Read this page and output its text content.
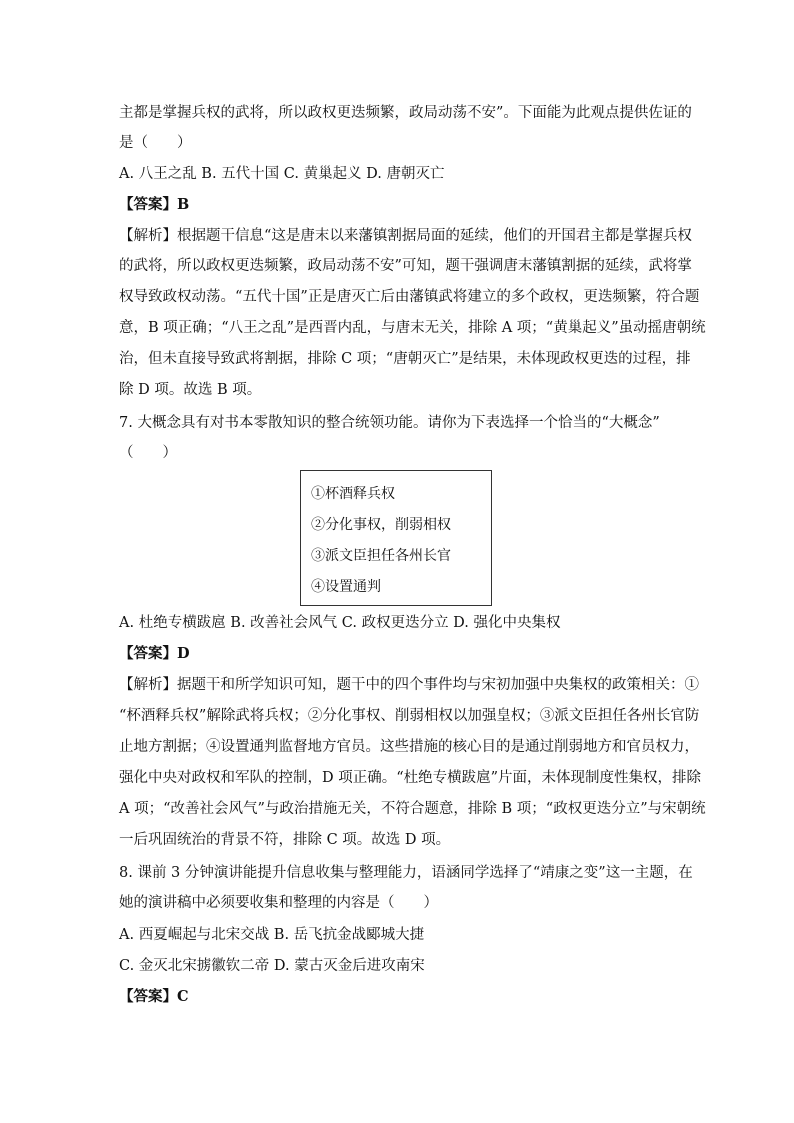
主都是掌握兵权的武将，所以政权更迭频繁，政局动荡不安”。下面能为此观点提供佐证的
是（　　）
A. 八王之乱 B. 五代十国 C. 黄巢起义 D. 唐朝灭亡
【答案】B
【解析】根据题干信息“这是唐末以来藩镇割据局面的延续，他们的开国君主都是掌握兵权
的武将，所以政权更迭频繁，政局动荡不安”可知，题干强调唐末藩镇割据的延续，武将掌
权导致政权动荡。“五代十国”正是唐灭亡后由藩镇武将建立的多个政权，更迭频繁，符合题
意，B 项正确；“八王之乱”是西晋内乱，与唐末无关，排除 A 项；“黄巢起义”虽动摇唐朝统
治，但未直接导致武将割据，排除 C 项；“唐朝灭亡”是结果，未体现政权更迭的过程，排
除 D 项。故选 B 项。
7. 大概念具有对书本零散知识的整合统领功能。请你为下表选择一个恰当的“大概念”
（　　）
①杯酒释兵权
②分化事权，削弱相权
③派文臣担任各州长官
④设置通判
A. 杜绝专横跋扈 B. 改善社会风气 C. 政权更迭分立 D. 强化中央集权
【答案】D
【解析】据题干和所学知识可知，题干中的四个事件均与宋初加强中央集权的政策相关：①
“杯酒释兵权”解除武将兵权；②分化事权、削弱相权以加强皇权；③派文臣担任各州长官防
止地方割据；④设置通判监督地方官员。这些措施的核心目的是通过削弱地方和官员权力，
强化中央对政权和军队的控制，D 项正确。“杜绝专横跋扈”片面，未体现制度性集权，排除
A 项；“改善社会风气”与政治措施无关，不符合题意，排除 B 项；“政权更迭分立”与宋朝统
一后巩固统治的背景不符，排除 C 项。故选 D 项。
8. 课前 3 分钟演讲能提升信息收集与整理能力，语涵同学选择了“靖康之变”这一主题，在
她的演讲稿中必须要收集和整理的内容是（　　）
A. 西夏崛起与北宋交战 B. 岳飞抗金战郾城大捷
C. 金灭北宋掳徽钦二帝 D. 蒙古灭金后进攻南宋
【答案】C
